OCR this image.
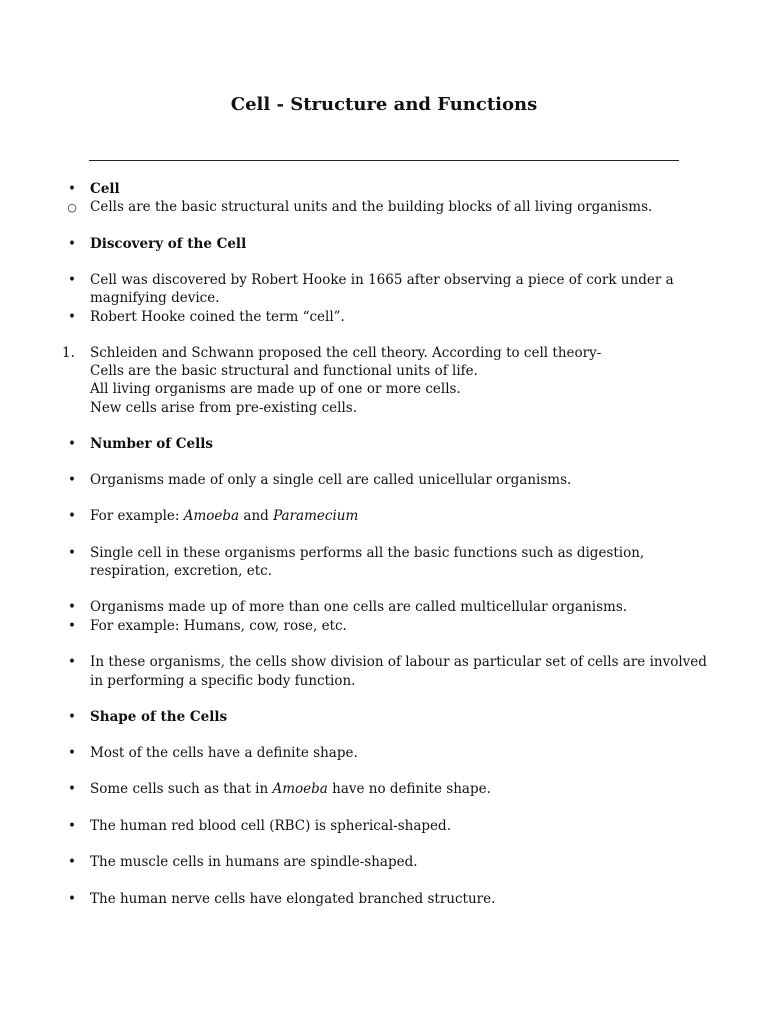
Cell - Structure and Functions
•	Cell
○ Cells are the basic structural units and the building blocks of all living organisms.
•	Discovery of the Cell
•	Cell was discovered by Robert Hooke in 1665 after observing a piece of cork under a
magnifying device.
•	Robert Hooke coined the term “cell”.
1.	Schleiden and Schwann proposed the cell theory. According to cell theory-
Cells are the basic structural and functional units of life.
All living organisms are made up of one or more cells.
New cells arise from pre-existing cells.
•	Number of Cells
•	Organisms made of only a single cell are called unicellular organisms.
•	For example: Amoeba and Paramecium
•	Single cell in these organisms performs all the basic functions such as digestion,
respiration, excretion, etc.
•	Organisms made up of more than one cells are called multicellular organisms.
•	For example: Humans, cow, rose, etc.
•	In these organisms, the cells show division of labour as particular set of cells are involved
in performing a specific body function.
•	Shape of the Cells
•	Most of the cells have a definite shape.
•	Some cells such as that in Amoeba have no definite shape.
•	The human red blood cell (RBC) is spherical-shaped.
•	The muscle cells in humans are spindle-shaped.
•	The human nerve cells have elongated branched structure.
